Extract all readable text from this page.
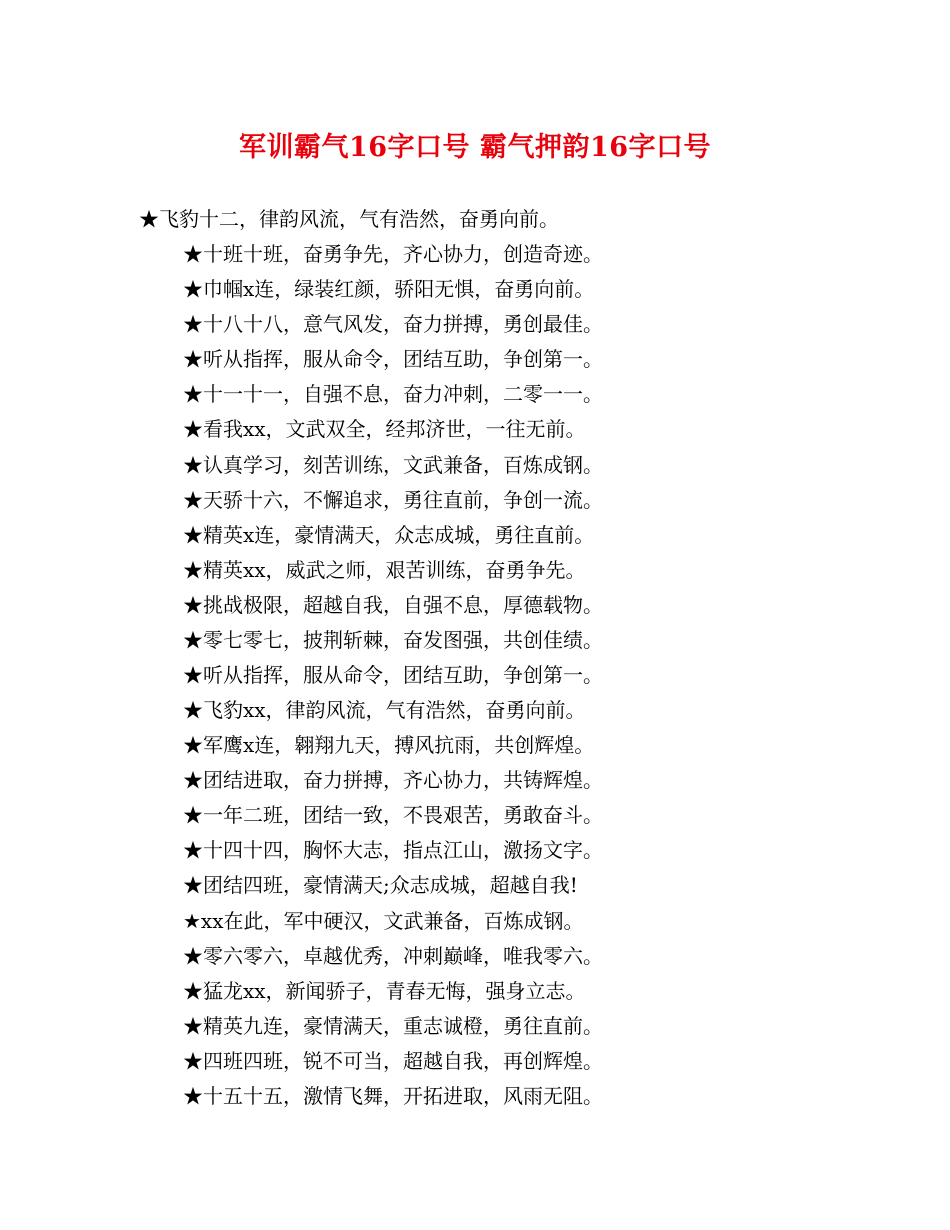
军训霸气16字口号 霸气押韵16字口号
★飞豹十二，律韵风流，气有浩然，奋勇向前。
★十班十班，奋勇争先，齐心协力，创造奇迹。
★巾帼x连，绿装红颜，骄阳无惧，奋勇向前。
★十八十八，意气风发，奋力拼搏，勇创最佳。
★听从指挥，服从命令，团结互助，争创第一。
★十一十一，自强不息，奋力冲刺，二零一一。
★看我xx，文武双全，经邦济世，一往无前。
★认真学习，刻苦训练，文武兼备，百炼成钢。
★天骄十六，不懈追求，勇往直前，争创一流。
★精英x连，豪情满天，众志成城，勇往直前。
★精英xx，威武之师，艰苦训练，奋勇争先。
★挑战极限，超越自我，自强不息，厚德载物。
★零七零七，披荆斩棘，奋发图强，共创佳绩。
★听从指挥，服从命令，团结互助，争创第一。
★飞豹xx，律韵风流，气有浩然，奋勇向前。
★军鹰x连，翱翔九天，搏风抗雨，共创辉煌。
★团结进取，奋力拼搏，齐心协力，共铸辉煌。
★一年二班，团结一致，不畏艰苦，勇敢奋斗。
★十四十四，胸怀大志，指点江山，激扬文字。
★团结四班，豪情满天;众志成城，超越自我!
★xx在此，军中硬汉，文武兼备，百炼成钢。
★零六零六，卓越优秀，冲刺巅峰，唯我零六。
★猛龙xx，新闻骄子，青春无悔，强身立志。
★精英九连，豪情满天，重志诚橙，勇往直前。
★四班四班，锐不可当，超越自我，再创辉煌。
★十五十五，激情飞舞，开拓进取，风雨无阻。
